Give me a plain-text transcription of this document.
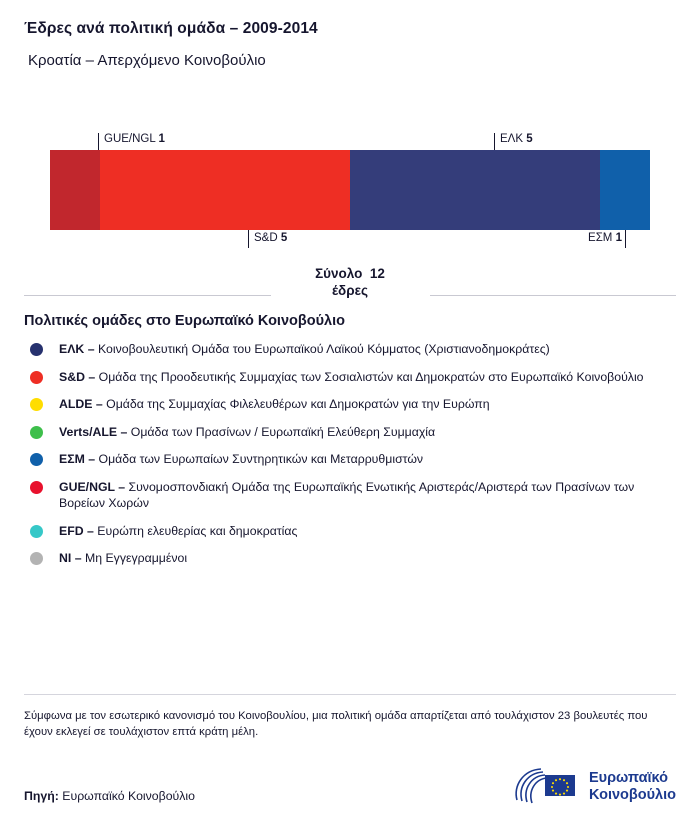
Έδρες ανά πολιτική ομάδα – 2009-2014
Κροατία – Απερχόμενο Κοινοβούλιο
GUE/NGL 1	ΕΛΚ 5
S&D 5	ΕΣΜ 1
Σύνολο 12
έδρες
Πολιτικές ομάδες στο Ευρωπαϊκό Κοινοβούλιο
ΕΛΚ – Κοινοβουλευτική Ομάδα του Ευρωπαϊκού Λαϊκού Κόμματος (Χριστιανοδημοκράτες)
S&D – Ομάδα της Προοδευτικής Συμμαχίας των Σοσιαλιστών και Δημοκρατών στο Ευρωπαϊκό Κοινοβούλιο
ALDE – Ομάδα της Συμμαχίας Φιλελευθέρων και Δημοκρατών για την Ευρώπη
Verts/ALE – Ομάδα των Πρασίνων / Ευρωπαϊκή Ελεύθερη Συμμαχία
ΕΣΜ – Ομάδα των Ευρωπαίων Συντηρητικών και Μεταρρυθμιστών
GUE/NGL – Συνομοσπονδιακή Ομάδα της Ευρωπαϊκής Ενωτικής Αριστεράς/Αριστερά των Πρασίνων των Βορείων Χωρών
EFD – Ευρώπη ελευθερίας και δημοκρατίας
ΝΙ – Μη Εγγεγραμμένοι
Σύμφωνα με τον εσωτερικό κανονισμό του Κοινοβουλίου, μια πολιτική ομάδα απαρτίζεται από τουλάχιστον 23 βουλευτές που έχουν εκλεγεί σε τουλάχιστον επτά κράτη μέλη.
Πηγή: Ευρωπαϊκό Κοινοβούλιο
Ευρωπαϊκό
Κοινοβούλιο
